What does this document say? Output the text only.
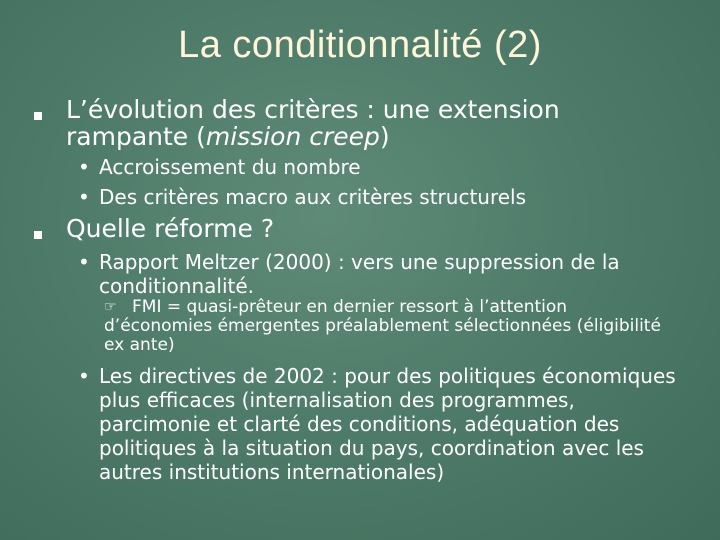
La conditionnalité (2)
L’évolution des critères : une extension rampante (mission creep)
• Accroissement du nombre
• Des critères macro aux critères structurels
Quelle réforme ?
• Rapport Meltzer (2000) : vers une suppression de la conditionnalité.
☞ FMI = quasi-prêteur en dernier ressort à l’attention d’économies émergentes préalablement sélectionnées (éligibilité ex ante)
• Les directives de 2002 : pour des politiques économiques plus efficaces (internalisation des programmes, parcimonie et clarté des conditions, adéquation des politiques à la situation du pays, coordination avec les autres institutions internationales)
